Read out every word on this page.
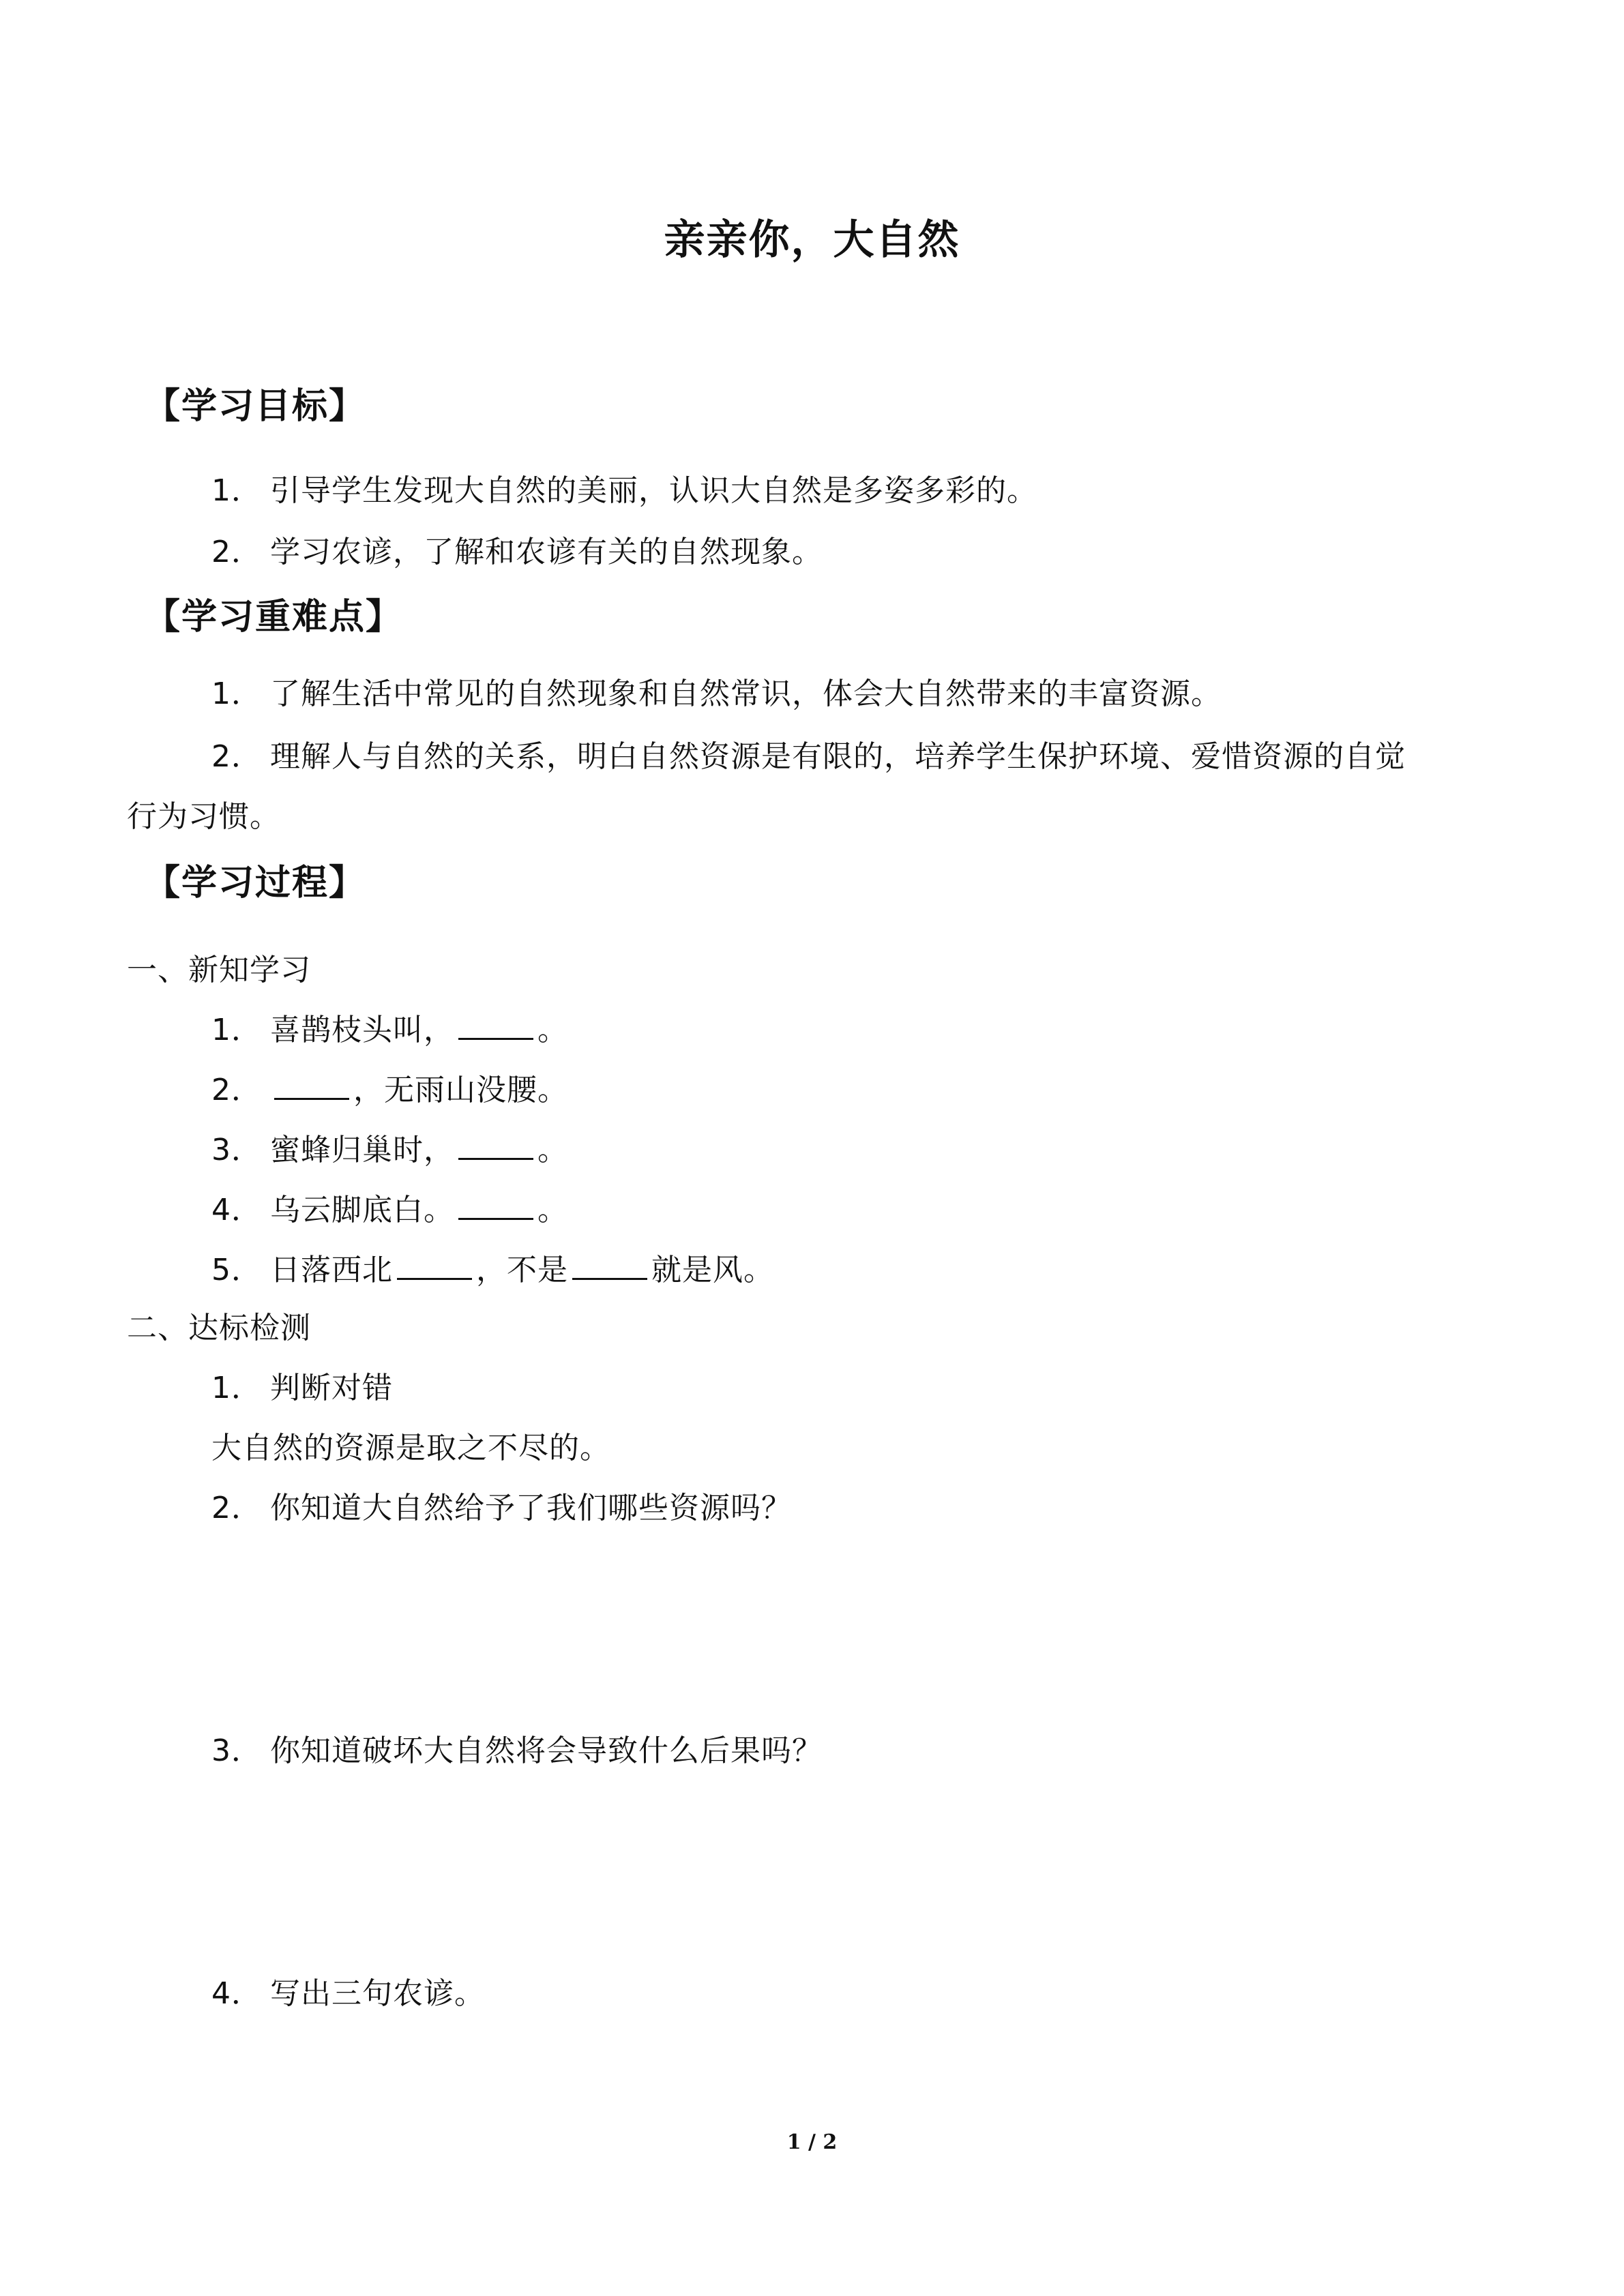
亲亲你，大自然
【学习目标】
1． 引导学生发现大自然的美丽，认识大自然是多姿多彩的。
2． 学习农谚，了解和农谚有关的自然现象。
【学习重难点】
1． 了解生活中常见的自然现象和自然常识，体会大自然带来的丰富资源。
2． 理解人与自然的关系，明白自然资源是有限的，培养学生保护环境、爱惜资源的自觉
行为习惯。
【学习过程】
一、新知学习
1． 喜鹊枝头叫，	。
2．	，无雨山没腰。
3． 蜜蜂归巢时，	。
4． 乌云脚底白。	。
5． 日落西北	，不是	就是风。
二、达标检测
1． 判断对错
大自然的资源是取之不尽的。
2． 你知道大自然给予了我们哪些资源吗？
3． 你知道破坏大自然将会导致什么后果吗？
4． 写出三句农谚。
1 / 2
